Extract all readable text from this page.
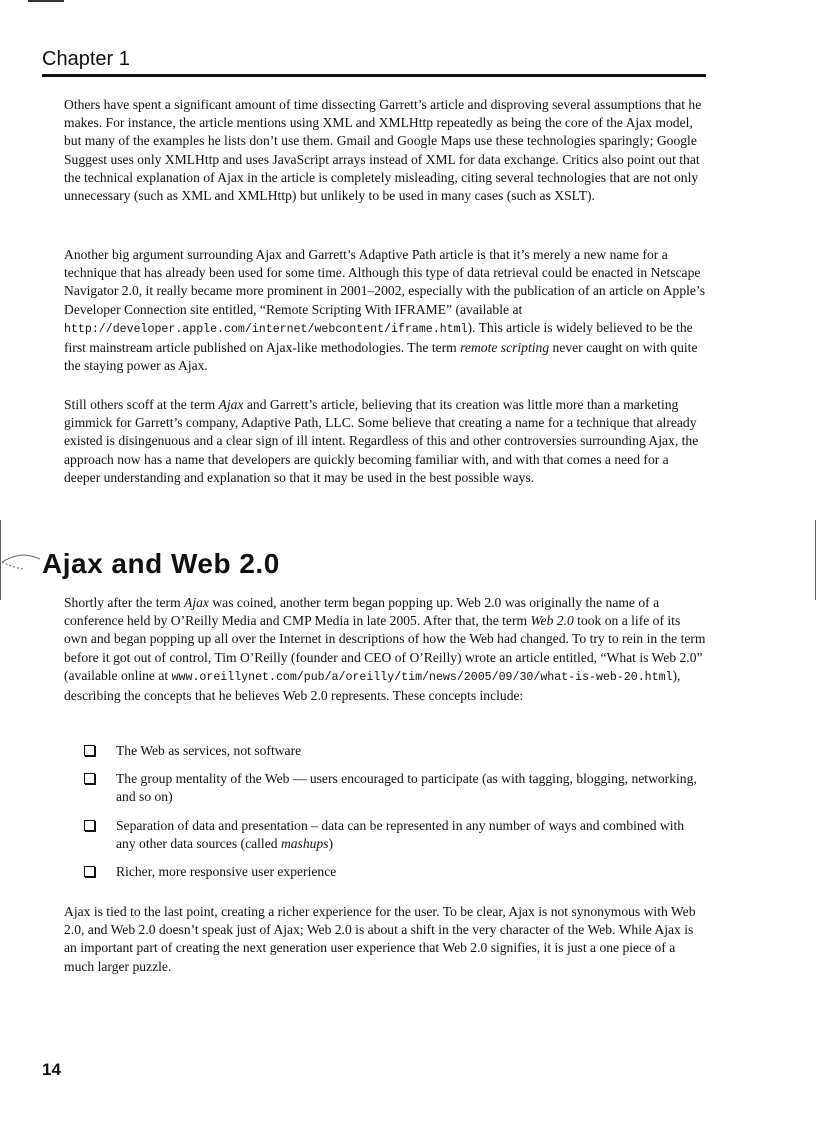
Chapter 1

Others have spent a significant amount of time dissecting Garrett’s article and disproving several assumptions that he makes. For instance, the article mentions using XML and XMLHttp repeatedly as being the core of the Ajax model, but many of the examples he lists don’t use them. Gmail and Google Maps use these technologies sparingly; Google Suggest uses only XMLHttp and uses JavaScript arrays instead of XML for data exchange. Critics also point out that the technical explanation of Ajax in the article is completely misleading, citing several technologies that are not only unnecessary (such as XML and XMLHttp) but unlikely to be used in many cases (such as XSLT).

Another big argument surrounding Ajax and Garrett’s Adaptive Path article is that it’s merely a new name for a technique that has already been used for some time. Although this type of data retrieval could be enacted in Netscape Navigator 2.0, it really became more prominent in 2001–2002, especially with the publication of an article on Apple’s Developer Connection site entitled, “Remote Scripting With IFRAME” (available at http://developer.apple.com/internet/webcontent/iframe.html). This article is widely believed to be the first mainstream article published on Ajax-like methodologies. The term remote scripting never caught on with quite the staying power as Ajax.

Still others scoff at the term Ajax and Garrett’s article, believing that its creation was little more than a marketing gimmick for Garrett’s company, Adaptive Path, LLC. Some believe that creating a name for a technique that already existed is disingenuous and a clear sign of ill intent. Regardless of this and other controversies surrounding Ajax, the approach now has a name that developers are quickly becoming familiar with, and with that comes a need for a deeper understanding and explanation so that it may be used in the best possible ways.

Ajax and Web 2.0

Shortly after the term Ajax was coined, another term began popping up. Web 2.0 was originally the name of a conference held by O’Reilly Media and CMP Media in late 2005. After that, the term Web 2.0 took on a life of its own and began popping up all over the Internet in descriptions of how the Web had changed. To try to rein in the term before it got out of control, Tim O’Reilly (founder and CEO of O’Reilly) wrote an article entitled, “What is Web 2.0” (available online at www.oreillynet.com/pub/a/oreilly/tim/news/2005/09/30/what-is-web-20.html), describing the concepts that he believes Web 2.0 represents. These concepts include:

The Web as services, not software
The group mentality of the Web — users encouraged to participate (as with tagging, blogging, networking, and so on)
Separation of data and presentation – data can be represented in any number of ways and combined with any other data sources (called mashups)
Richer, more responsive user experience

Ajax is tied to the last point, creating a richer experience for the user. To be clear, Ajax is not synonymous with Web 2.0, and Web 2.0 doesn’t speak just of Ajax; Web 2.0 is about a shift in the very character of the Web. While Ajax is an important part of creating the next generation user experience that Web 2.0 signifies, it is just a one piece of a much larger puzzle.

14
